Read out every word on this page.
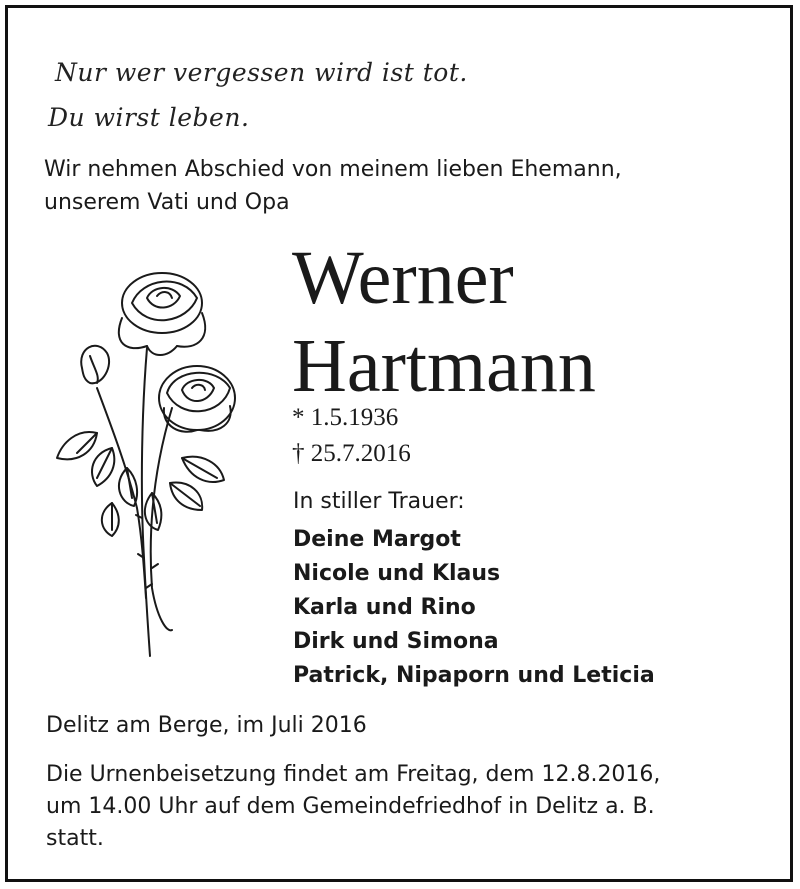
Nur wer vergessen wird ist tot.
Du wirst leben.
Wir nehmen Abschied von meinem lieben Ehemann,
unserem Vati und Opa
Werner
Hartmann
* 1.5.1936
† 25.7.2016
In stiller Trauer:
Deine Margot
Nicole und Klaus
Karla und Rino
Dirk und Simona
Patrick, Nipaporn und Leticia
Delitz am Berge, im Juli 2016
Die Urnenbeisetzung findet am Freitag, dem 12.8.2016,
um 14.00 Uhr auf dem Gemeindefriedhof in Delitz a. B.
statt.
